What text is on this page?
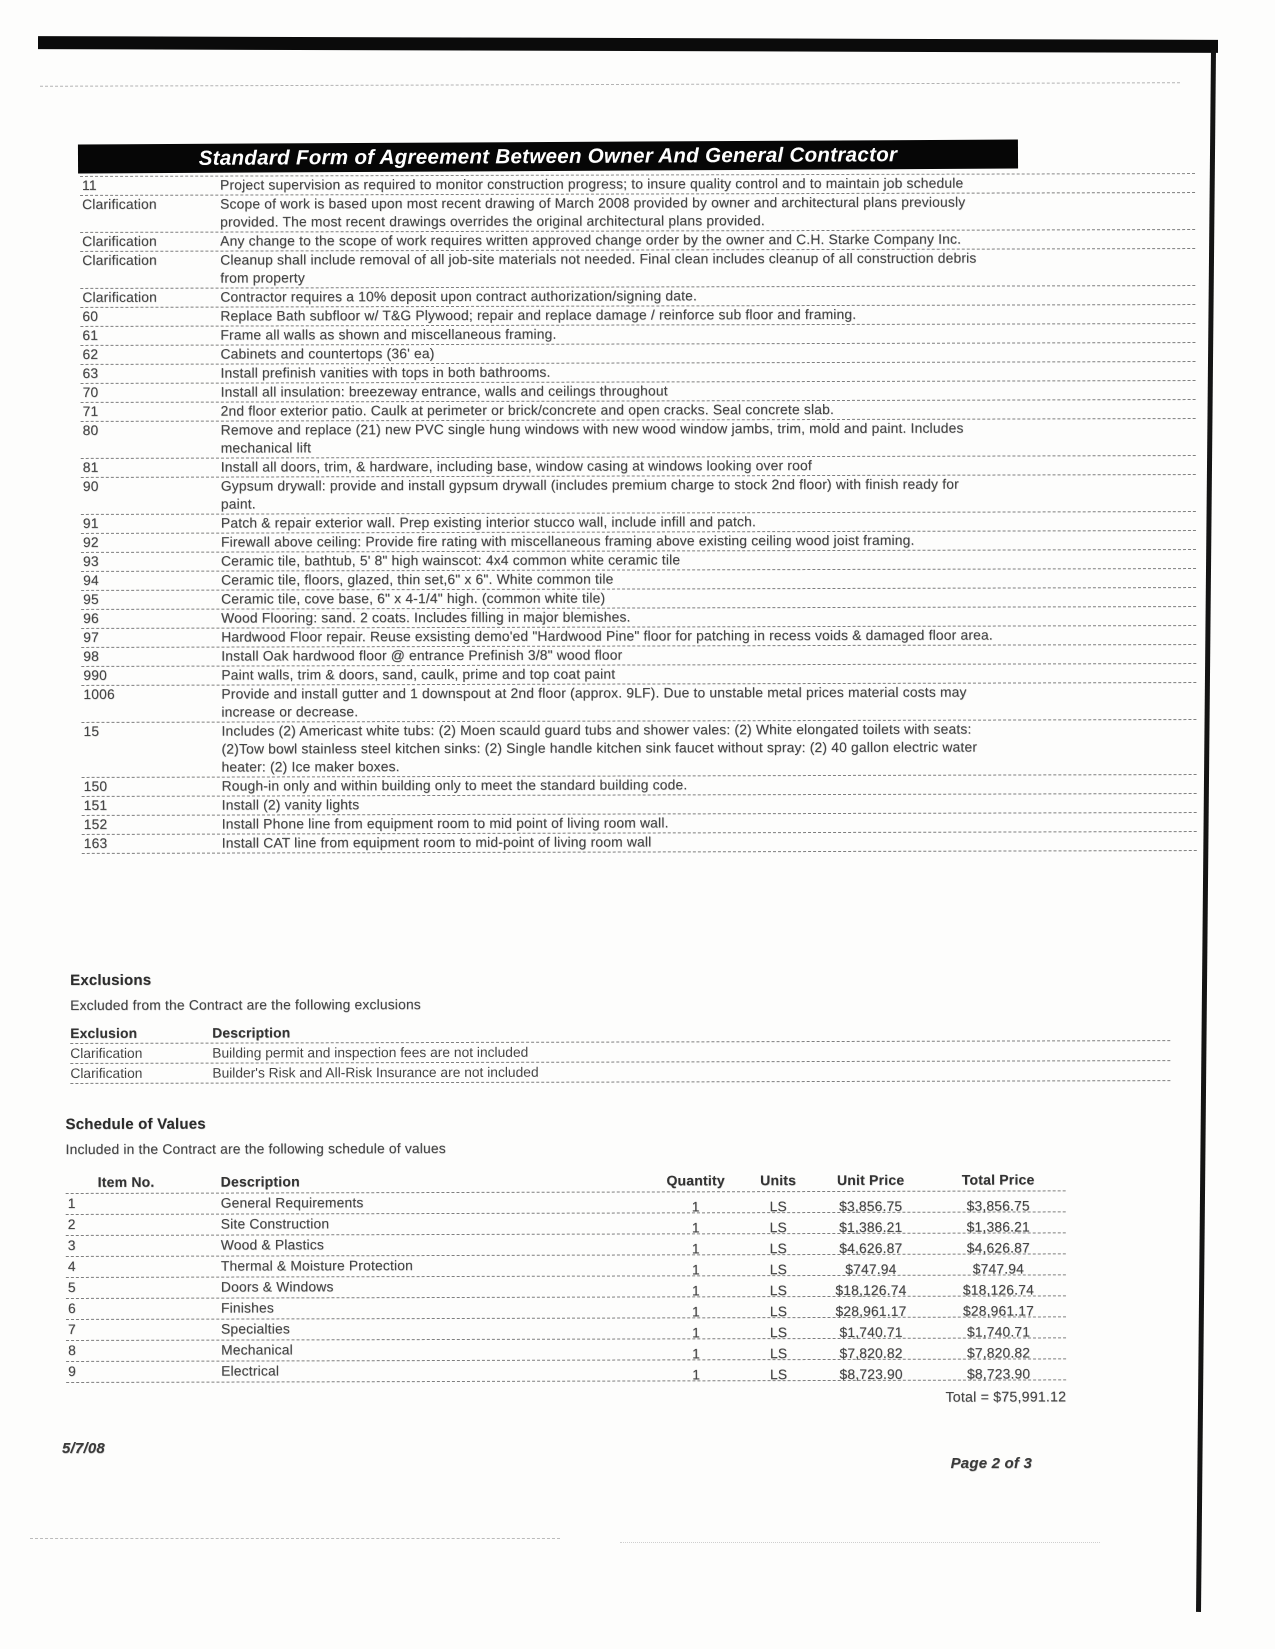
Standard Form of Agreement Between Owner And General Contractor
11	Project supervision as required to monitor construction progress; to insure quality control and to maintain job schedule
Clarification	Scope of work is based upon most recent drawing of March 2008 provided by owner and architectural plans previously provided. The most recent drawings overrides the original architectural plans provided.
Clarification	Any change to the scope of work requires written approved change order by the owner and C.H. Starke Company Inc.
Clarification	Cleanup shall include removal of all job-site materials not needed. Final clean includes cleanup of all construction debris from property
Clarification	Contractor requires a 10% deposit upon contract authorization/signing date.
60	Replace Bath subfloor w/ T&G Plywood; repair and replace damage / reinforce sub floor and framing.
61	Frame all walls as shown and miscellaneous framing.
62	Cabinets and countertops (36' ea)
63	Install prefinish vanities with tops in both bathrooms.
70	Install all insulation: breezeway entrance, walls and ceilings throughout
71	2nd floor exterior patio. Caulk at perimeter or brick/concrete and open cracks. Seal concrete slab.
80	Remove and replace (21) new PVC single hung windows with new wood window jambs, trim, mold and paint. Includes mechanical lift
81	Install all doors, trim, & hardware, including base, window casing at windows looking over roof
90	Gypsum drywall: provide and install gypsum drywall (includes premium charge to stock 2nd floor) with finish ready for paint.
91	Patch & repair exterior wall. Prep existing interior stucco wall, include infill and patch.
92	Firewall above ceiling: Provide fire rating with miscellaneous framing above existing ceiling wood joist framing.
93	Ceramic tile, bathtub, 5' 8" high wainscot: 4x4 common white ceramic tile
94	Ceramic tile, floors, glazed, thin set,6" x 6". White common tile
95	Ceramic tile, cove base, 6" x 4-1/4" high. (common white tile)
96	Wood Flooring: sand. 2 coats. Includes filling in major blemishes.
97	Hardwood Floor repair. Reuse exsisting demo'ed "Hardwood Pine" floor for patching in recess voids & damaged floor area.
98	Install Oak hardwood floor @ entrance Prefinish 3/8" wood floor
990	Paint walls, trim & doors, sand, caulk, prime and top coat paint
1006	Provide and install gutter and 1 downspout at 2nd floor (approx. 9LF). Due to unstable metal prices material costs may increase or decrease.
15	Includes (2) Americast white tubs: (2) Moen scauld guard tubs and shower vales: (2) White elongated toilets with seats: (2)Tow bowl stainless steel kitchen sinks: (2) Single handle kitchen sink faucet without spray: (2) 40 gallon electric water heater: (2) Ice maker boxes.
150	Rough-in only and within building only to meet the standard building code.
151	Install (2) vanity lights
152	Install Phone line from equipment room to mid point of living room wall.
163	Install CAT line from equipment room to mid-point of living room wall
Exclusions
Excluded from the Contract are the following exclusions
Exclusion	Description
Clarification	Building permit and inspection fees are not included
Clarification	Builder's Risk and All-Risk Insurance are not included
Schedule of Values
Included in the Contract are the following schedule of values
Item No.	Description	Quantity	Units	Unit Price	Total Price
1	General Requirements	1	LS	$3,856.75	$3,856.75
2	Site Construction	1	LS	$1,386.21	$1,386.21
3	Wood & Plastics	1	LS	$4,626.87	$4,626.87
4	Thermal & Moisture Protection	1	LS	$747.94	$747.94
5	Doors & Windows	1	LS	$18,126.74	$18,126.74
6	Finishes	1	LS	$28,961.17	$28,961.17
7	Specialties	1	LS	$1,740.71	$1,740.71
8	Mechanical	1	LS	$7,820.82	$7,820.82
9	Electrical	1	LS	$8,723.90	$8,723.90
Total = $75,991.12
5/7/08
Page 2 of 3
